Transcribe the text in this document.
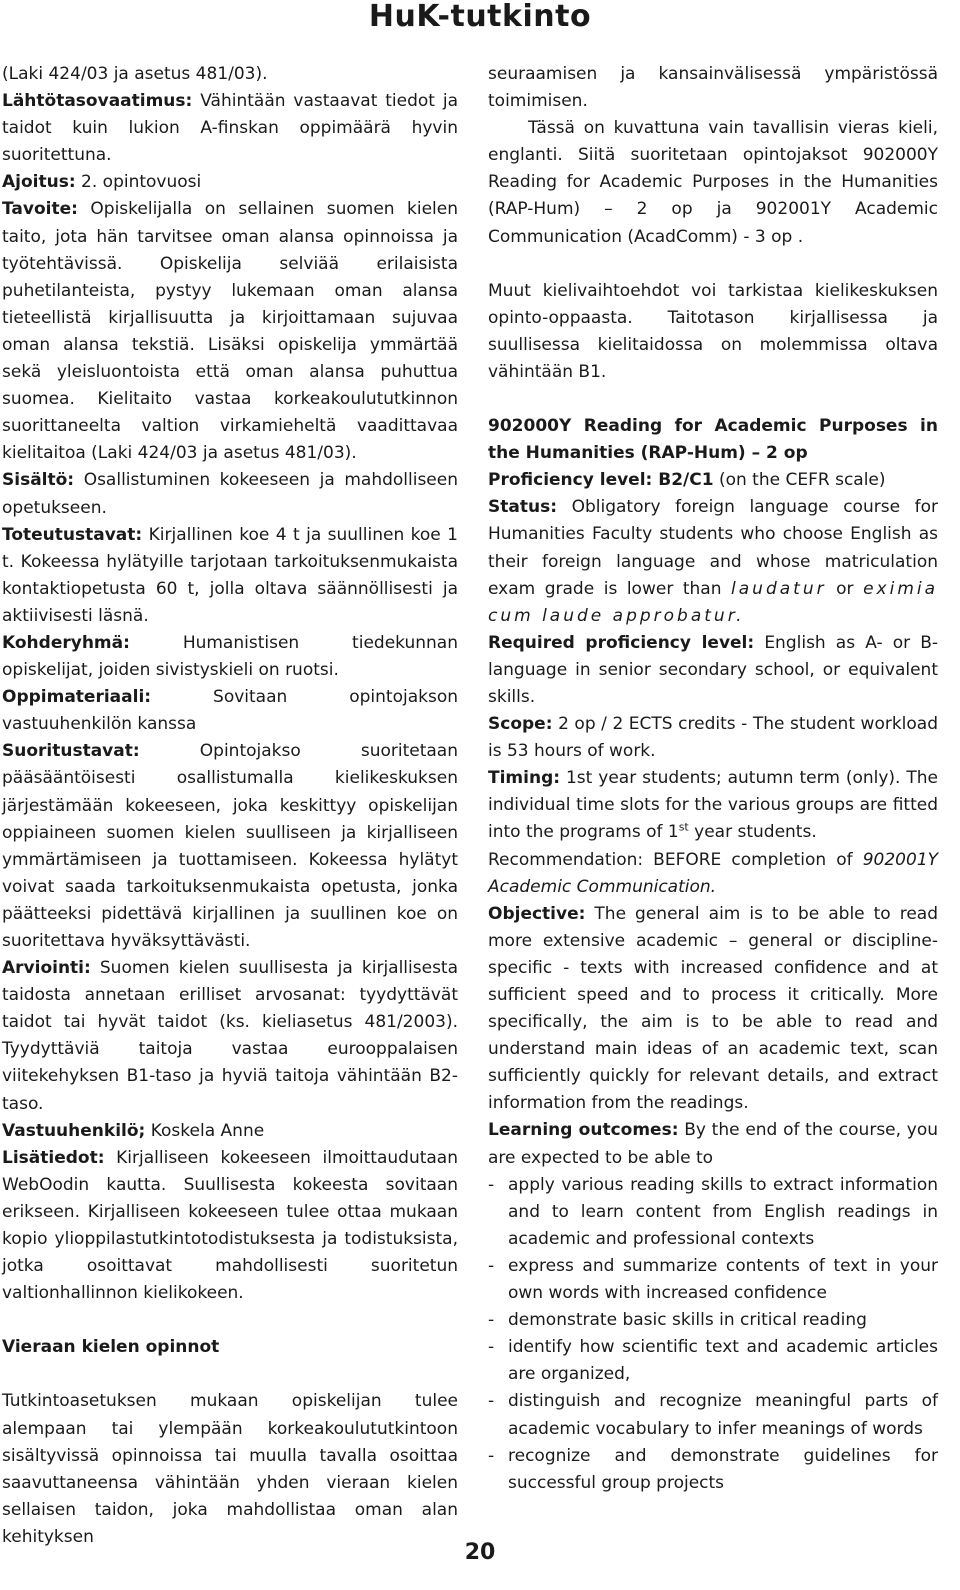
HuK-tutkinto

(Laki 424/03 ja asetus 481/03).

Lähtötasovaatimus: Vähintään vastaavat tiedot ja taidot kuin lukion A-finskan oppimäärä hyvin suoritettuna.

Ajoitus: 2. opintovuosi

Tavoite: Opiskelijalla on sellainen suomen kielen taito, jota hän tarvitsee oman alansa opinnoissa ja työtehtävissä. Opiskelija selviää erilaisista puhetilanteista, pystyy lukemaan oman alansa tieteellistä kirjallisuutta ja kirjoittamaan sujuvaa oman alansa tekstiä. Lisäksi opiskelija ymmärtää sekä yleisluontoista että oman alansa puhuttua suomea. Kielitaito vastaa korkeakoulututkinnon suorittaneelta valtion virkamieheltä vaadittavaa kielitaitoa (Laki 424/03 ja asetus 481/03).

Sisältö: Osallistuminen kokeeseen ja mahdolliseen opetukseen.

Toteutustavat: Kirjallinen koe 4 t ja suullinen koe 1 t. Kokeessa hylätyille tarjotaan tarkoituksenmukaista kontaktiopetusta 60 t, jolla oltava säännöllisesti ja aktiivisesti läsnä.

Kohderyhmä:	Humanistisen tiedekunnan opiskelijat, joiden sivistyskieli on ruotsi.

Oppimateriaali:	Sovitaan opintojakson vastuuhenkilön kanssa

Suoritustavat:	Opintojakso suoritetaan pääsääntöisesti osallistumalla kielikeskuksen järjestämään kokeeseen, joka keskittyy opiskelijan oppiaineen suomen kielen suulliseen ja kirjalliseen ymmärtämiseen ja tuottamiseen. Kokeessa hylätyt voivat saada tarkoituksenmukaista opetusta, jonka päätteeksi pidettävä kirjallinen ja suullinen koe on suoritettava hyväksyttävästi.

Arviointi: Suomen kielen suullisesta ja kirjallisesta taidosta annetaan erilliset arvosanat: tyydyttävät taidot tai hyvät taidot (ks. kieliasetus 481/2003). Tyydyttäviä taitoja vastaa eurooppalaisen viitekehyksen B1-taso ja hyviä taitoja vähintään B2-taso.

Vastuuhenkilö; Koskela Anne

Lisätiedot: Kirjalliseen kokeeseen ilmoittaudutaan WebOodin kautta. Suullisesta kokeesta sovitaan erikseen. Kirjalliseen kokeeseen tulee ottaa mukaan kopio ylioppilastutkintotodistuksesta ja todistuksista, jotka osoittavat mahdollisesti suoritetun valtionhallinnon kielikokeen.

Vieraan kielen opinnot

Tutkintoasetuksen mukaan opiskelijan tulee alempaan tai ylempään korkeakoulututkintoon sisältyvissä opinnoissa tai muulla tavalla osoittaa saavuttaneensa vähintään yhden vieraan kielen sellaisen taidon, joka mahdollistaa oman alan kehityksen

seuraamisen ja kansainvälisessä ympäristössä toimimisen.

Tässä on kuvattuna vain tavallisin vieras kieli, englanti. Siitä suoritetaan opintojaksot 902000Y Reading for Academic Purposes in the Humanities (RAP-Hum) – 2 op ja 902001Y Academic Communication (AcadComm) - 3 op .

Muut kielivaihtoehdot voi tarkistaa kielikeskuksen opinto-oppaasta. Taitotason kirjallisessa ja suullisessa kielitaidossa on molemmissa oltava vähintään B1.

902000Y Reading for Academic Purposes in the Humanities (RAP-Hum) – 2 op

Proficiency level: B2/C1 (on the CEFR scale)

Status: Obligatory foreign language course for Humanities Faculty students who choose English as their foreign language and whose matriculation exam grade is lower than laudatur or eximia cum laude approbatur.

Required proficiency level: English as A- or B-language in senior secondary school, or equivalent skills.

Scope: 2 op / 2 ECTS credits - The student workload is 53 hours of work.

Timing: 1st year students; autumn term (only). The individual time slots for the various groups are fitted into the programs of 1st year students.

Recommendation: BEFORE completion of 902001Y Academic Communication.

Objective: The general aim is to be able to read more extensive academic – general or discipline-specific - texts with increased confidence and at sufficient speed and to process it critically. More specifically, the aim is to be able to read and understand main ideas of an academic text, scan sufficiently quickly for relevant details, and extract information from the readings.

Learning outcomes: By the end of the course, you are expected to be able to

- apply various reading skills to extract information and to learn content from English readings in academic and professional contexts
- express and summarize contents of text in your own words with increased confidence
- demonstrate basic skills in critical reading
- identify how scientific text and academic articles are organized,
- distinguish and recognize meaningful parts of academic vocabulary to infer meanings of words
- recognize and demonstrate guidelines for successful group projects
20
